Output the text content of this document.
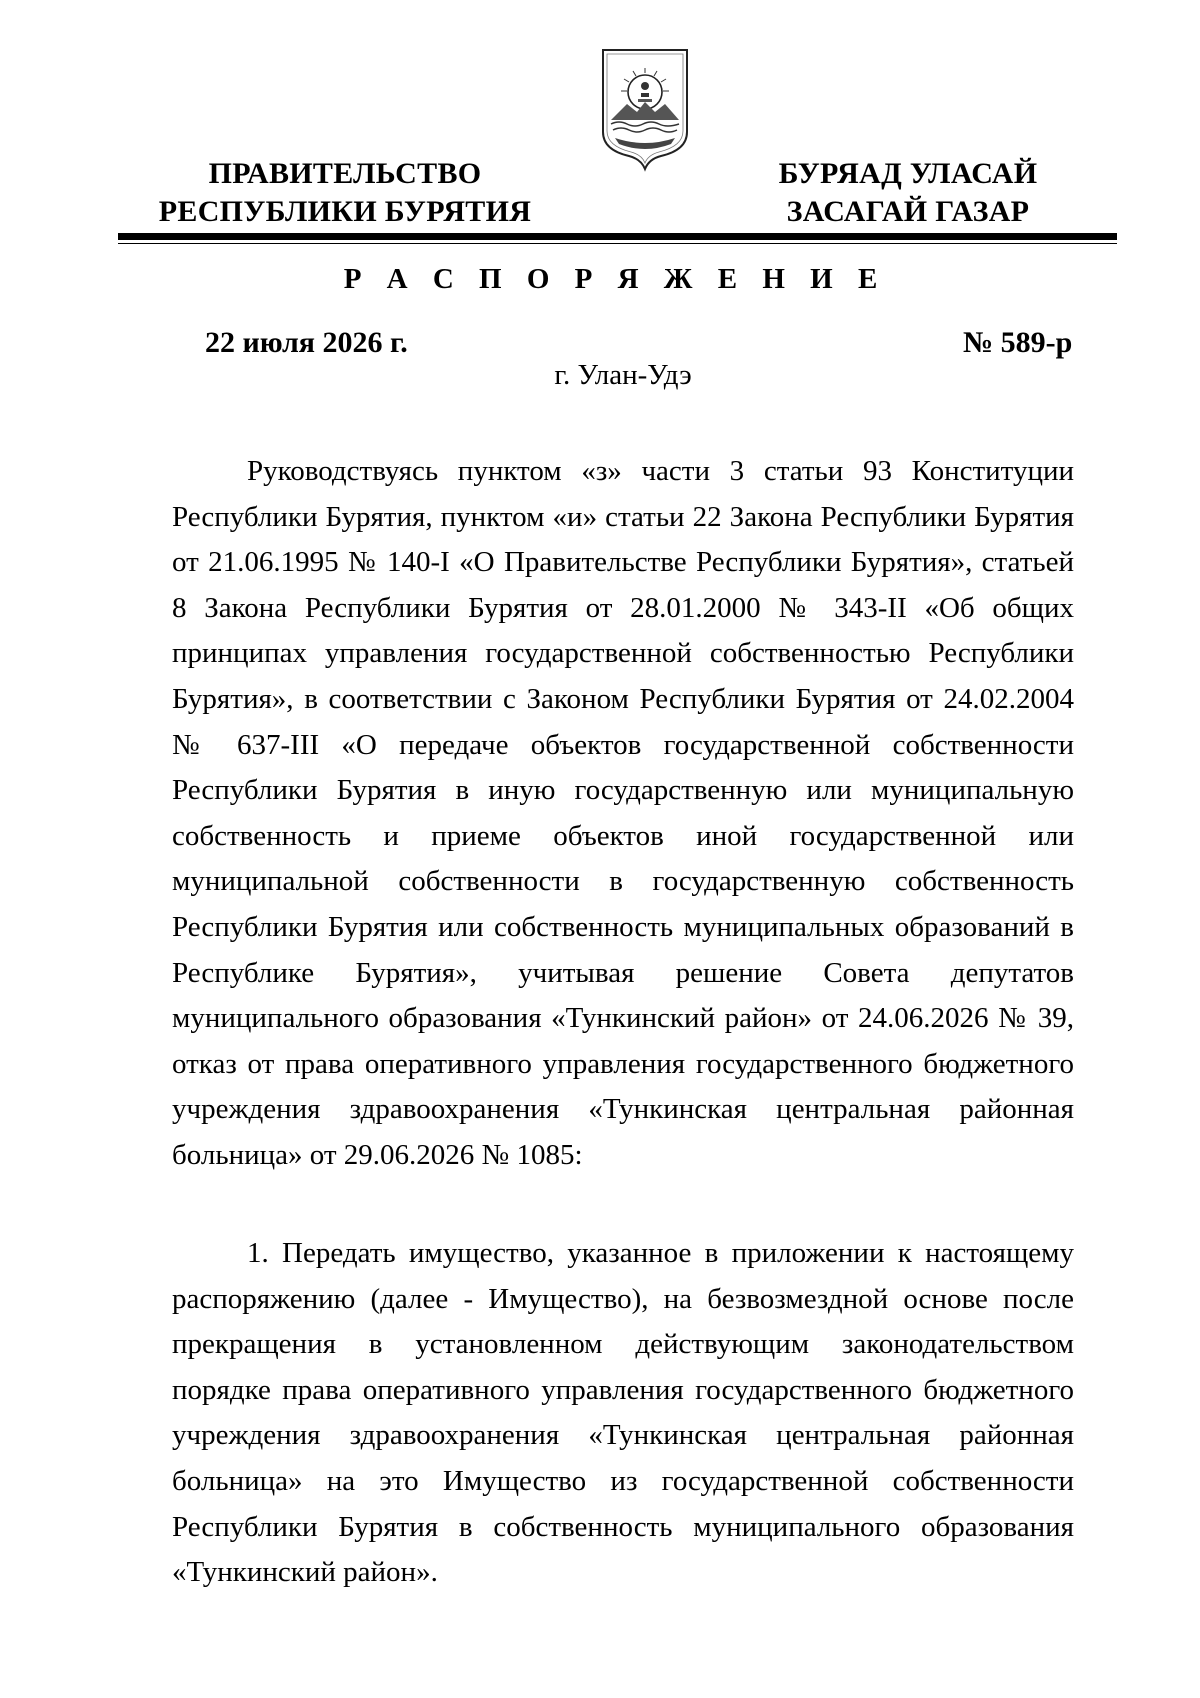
ПРАВИТЕЛЬСТВО
РЕСПУБЛИКИ БУРЯТИЯ
БУРЯАД УЛАСАЙ
ЗАСАГАЙ ГАЗАР
Р А С П О Р Я Ж Е Н И Е
22 июля 2026 г.	№ 589-р
г. Улан-Удэ

Руководствуясь пунктом «з» части 3 статьи 93 Конституции Республики Бурятия, пунктом «и» статьи 22 Закона Республики Бурятия от 21.06.1995 № 140-I «О Правительстве Республики Бурятия», статьей 8 Закона Республики Бурятия от 28.01.2000 № 343-II «Об общих принципах управления государственной собственностью Республики Бурятия», в соответствии с Законом Республики Бурятия от 24.02.2004 № 637-III «О передаче объектов государственной собственности Республики Бурятия в иную государственную или муниципальную собственность и приеме объектов иной государственной или муниципальной собственности в государственную собственность Республики Бурятия или собственность муниципальных образований в Республике Бурятия», учитывая решение Совета депутатов муниципального образования «Тункинский район» от 24.06.2026 № 39, отказ от права оперативного управления государственного бюджетного учреждения здравоохранения «Тункинская центральная районная больница» от 29.06.2026 № 1085:

1. Передать имущество, указанное в приложении к настоящему распоряжению (далее - Имущество), на безвозмездной основе после прекращения в установленном действующим законодательством порядке права оперативного управления государственного бюджетного учреждения здравоохранения «Тункинская центральная районная больница» на это Имущество из государственной собственности Республики Бурятия в собственность муниципального образования «Тункинский район».
